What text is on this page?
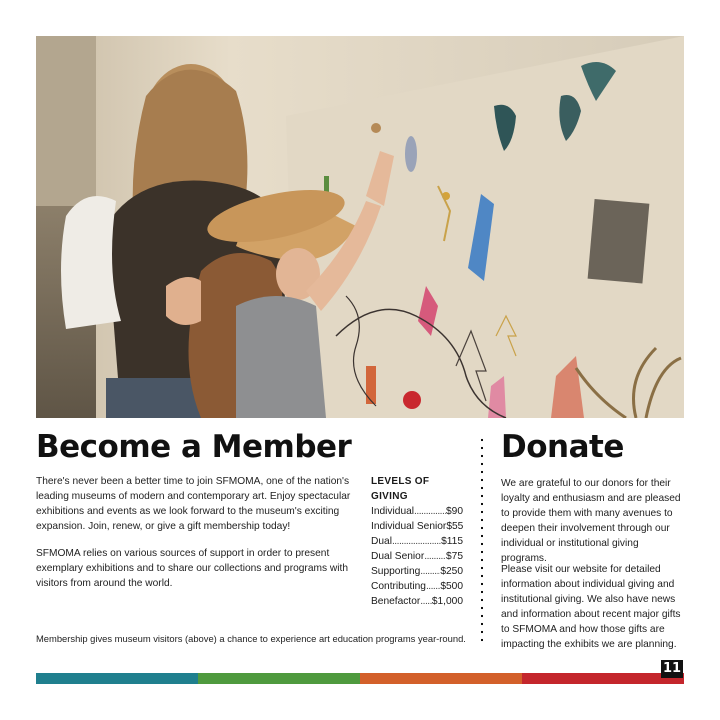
Become a Member

There's never been a better time to join SFMOMA, one of the nation's leading museums of modern and contemporary art. Enjoy spectacular exhibitions and events as we look forward to the museum's exciting expansion. Join, renew, or give a gift membership today!

SFMOMA relies on various sources of support in order to present exemplary exhibitions and to share our collections and programs with visitors from around the world.

LEVELS OF GIVING

Individual .....	$90
Individual Senior $55
Dual .....	$115
Dual Senior ..... $75
Supporting ..... $250
Contributing ..... $500
Benefactor ..... $1,000
Donate

We are grateful to our donors for their loyalty and enthusiasm and are pleased to provide them with many avenues to deepen their involvement through our individual or institutional giving programs.

Please visit our website for detailed information about individual giving and institutional giving. We also have news and information about recent major gifts to SFMOMA and how those gifts are impacting the exhibits we are planning.

Membership gives museum visitors (above) a chance to experience art education programs year-round.

11
